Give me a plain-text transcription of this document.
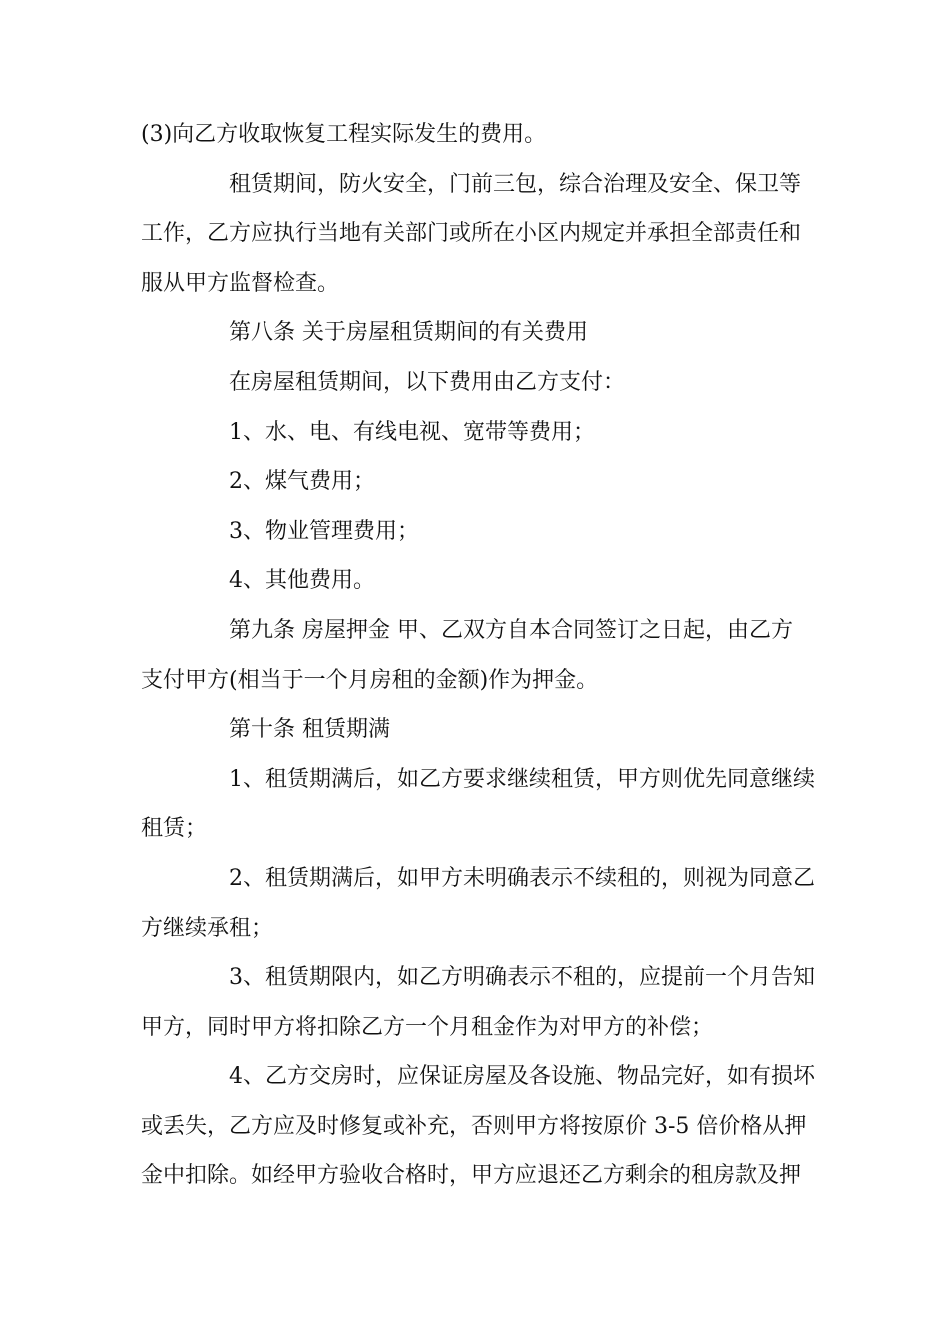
(3)向乙方收取恢复工程实际发生的费用。
租赁期间，防火安全，门前三包，综合治理及安全、保卫等
工作，乙方应执行当地有关部门或所在小区内规定并承担全部责任和
服从甲方监督检查。
第八条 关于房屋租赁期间的有关费用
在房屋租赁期间，以下费用由乙方支付：
1、水、电、有线电视、宽带等费用；
2、煤气费用；
3、物业管理费用；
4、其他费用。
第九条 房屋押金 甲、乙双方自本合同签订之日起，由乙方
支付甲方(相当于一个月房租的金额)作为押金。
第十条 租赁期满
1、租赁期满后，如乙方要求继续租赁，甲方则优先同意继续
租赁；
2、租赁期满后，如甲方未明确表示不续租的，则视为同意乙
方继续承租；
3、租赁期限内，如乙方明确表示不租的，应提前一个月告知
甲方，同时甲方将扣除乙方一个月租金作为对甲方的补偿；
4、乙方交房时，应保证房屋及各设施、物品完好，如有损坏
或丢失，乙方应及时修复或补充，否则甲方将按原价 3-5 倍价格从押
金中扣除。如经甲方验收合格时，甲方应退还乙方剩余的租房款及押
